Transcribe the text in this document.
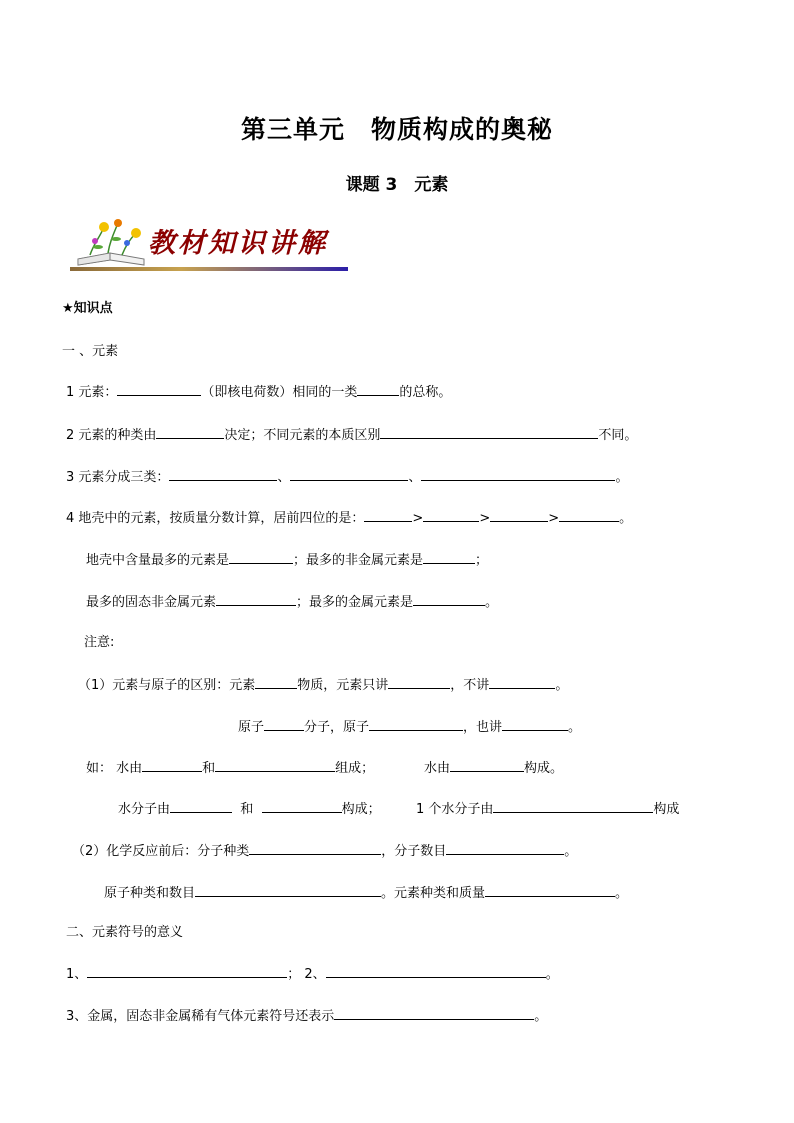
第三单元　物质构成的奥秘
课题 3　元素
教材知识讲解
★知识点
一 、元素
1 元素：	（即核电荷数）相同的一类	的总称。
2 元素的种类由	决定；不同元素的本质区别	不同。
3 元素分成三类：	、	、	。
4 地壳中的元素，按质量分数计算，居前四位的是：	>	>	>	。
地壳中含量最多的元素是	；最多的非金属元素是	；
最多的固态非金属元素	；最多的金属元素是	。
注意:
（1）元素与原子的区别：元素	物质，元素只讲	，不讲	。
原子	分子，原子	，也讲	。
如： 水由	和	组成；	水由	构成。
水分子由	和	构成；	1 个水分子由	构成
（2）化学反应前后：分子种类	，分子数目	。
原子种类和数目	。元素种类和质量	。
二、元素符号的意义
1、	； 2、	。
3、金属，固态非金属稀有气体元素符号还表示	。
